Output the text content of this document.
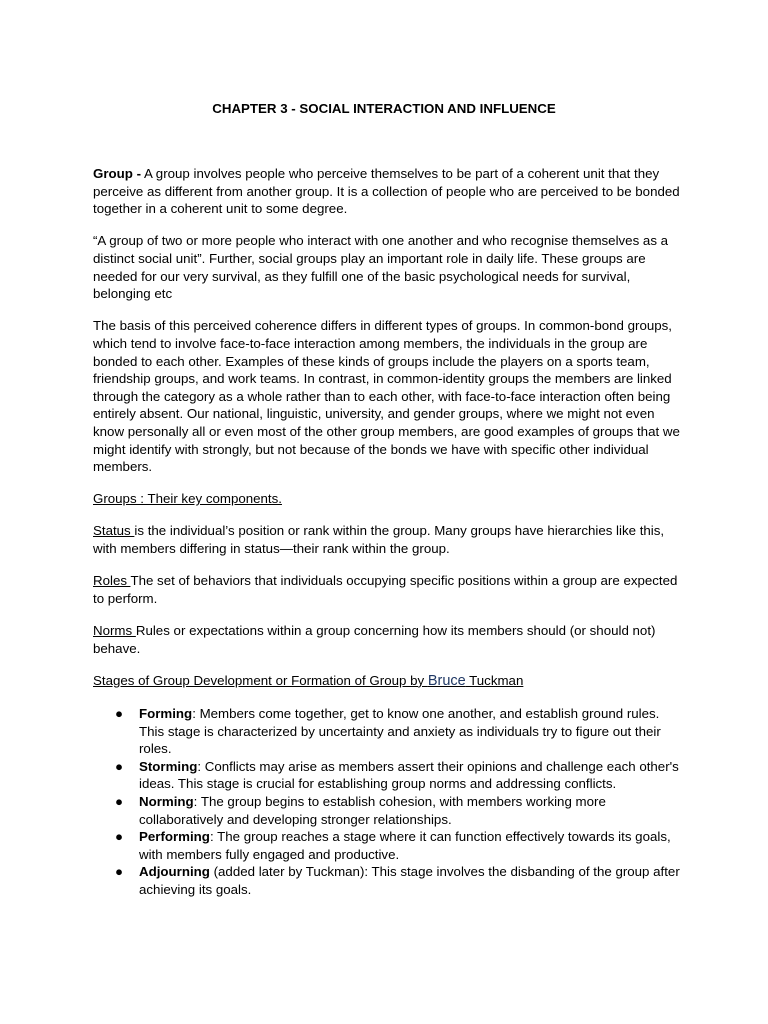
CHAPTER 3 - SOCIAL INTERACTION AND INFLUENCE

Group - A group involves people who perceive themselves to be part of a coherent unit that they perceive as different from another group. It is a collection of people who are perceived to be bonded together in a coherent unit to some degree.

“A group of two or more people who interact with one another and who recognise themselves as a distinct social unit”. Further, social groups play an important role in daily life. These groups are needed for our very survival, as they fulfill one of the basic psychological needs for survival, belonging etc

The basis of this perceived coherence differs in different types of groups. In common-bond groups, which tend to involve face-to-face interaction among members, the individuals in the group are bonded to each other. Examples of these kinds of groups include the players on a sports team, friendship groups, and work teams. In contrast, in common-identity groups the members are linked through the category as a whole rather than to each other, with face-to-face interaction often being entirely absent. Our national, linguistic, university, and gender groups, where we might not even know personally all or even most of the other group members, are good examples of groups that we might identify with strongly, but not because of the bonds we have with specific other individual members.

Groups : Their key components.

Status is the individual’s position or rank within the group. Many groups have hierarchies like this, with members differing in status—their rank within the group.

Roles The set of behaviors that individuals occupying specific positions within a group are expected to perform.

Norms Rules or expectations within a group concerning how its members should (or should not) behave.

Stages of Group Development or Formation of Group by Bruce Tuckman

● Forming: Members come together, get to know one another, and establish ground rules. This stage is characterized by uncertainty and anxiety as individuals try to figure out their roles.
● Storming: Conflicts may arise as members assert their opinions and challenge each other's ideas. This stage is crucial for establishing group norms and addressing conflicts.
● Norming: The group begins to establish cohesion, with members working more collaboratively and developing stronger relationships.
● Performing: The group reaches a stage where it can function effectively towards its goals, with members fully engaged and productive.
● Adjourning (added later by Tuckman): This stage involves the disbanding of the group after achieving its goals.
